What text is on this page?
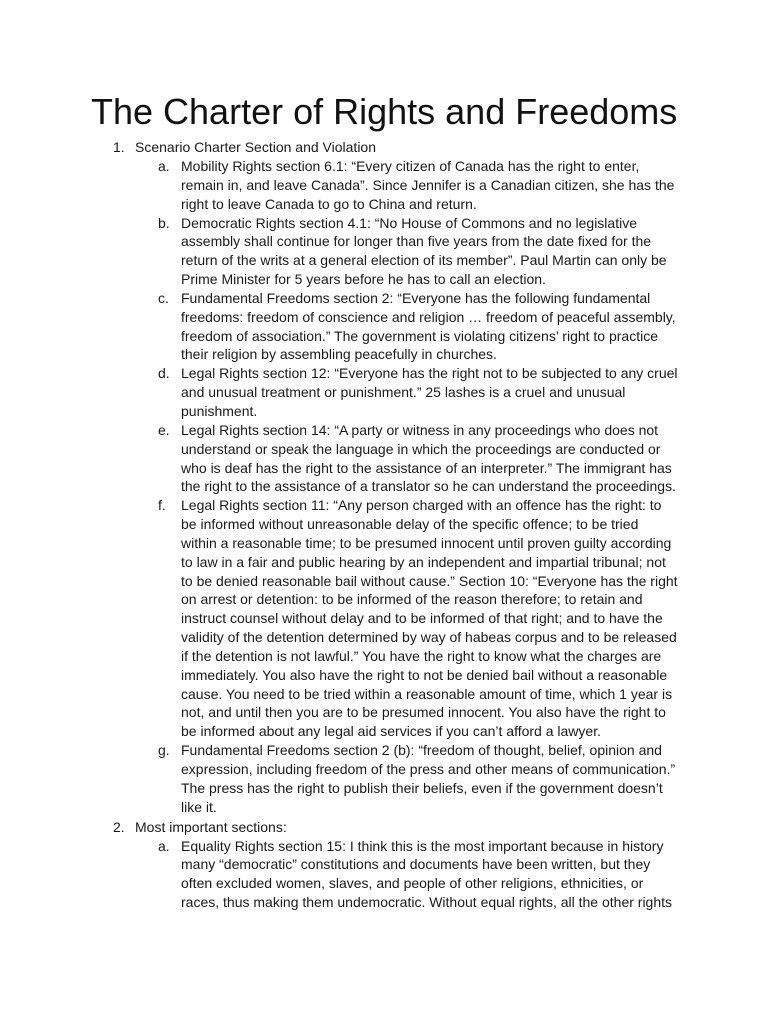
The Charter of Rights and Freedoms
1. Scenario Charter Section and Violation
a. Mobility Rights section 6.1: “Every citizen of Canada has the right to enter, remain in, and leave Canada”. Since Jennifer is a Canadian citizen, she has the right to leave Canada to go to China and return.
b. Democratic Rights section 4.1: “No House of Commons and no legislative assembly shall continue for longer than five years from the date fixed for the return of the writs at a general election of its member”. Paul Martin can only be Prime Minister for 5 years before he has to call an election.
c. Fundamental Freedoms section 2: “Everyone has the following fundamental freedoms: freedom of conscience and religion … freedom of peaceful assembly, freedom of association.” The government is violating citizens’ right to practice their religion by assembling peacefully in churches.
d. Legal Rights section 12: “Everyone has the right not to be subjected to any cruel and unusual treatment or punishment.” 25 lashes is a cruel and unusual punishment.
e. Legal Rights section 14: “A party or witness in any proceedings who does not understand or speak the language in which the proceedings are conducted or who is deaf has the right to the assistance of an interpreter.” The immigrant has the right to the assistance of a translator so he can understand the proceedings.
f. Legal Rights section 11: “Any person charged with an offence has the right: to be informed without unreasonable delay of the specific offence; to be tried within a reasonable time; to be presumed innocent until proven guilty according to law in a fair and public hearing by an independent and impartial tribunal; not to be denied reasonable bail without cause.” Section 10: “Everyone has the right on arrest or detention: to be informed of the reason therefore; to retain and instruct counsel without delay and to be informed of that right; and to have the validity of the detention determined by way of habeas corpus and to be released if the detention is not lawful.” You have the right to know what the charges are immediately. You also have the right to not be denied bail without a reasonable cause. You need to be tried within a reasonable amount of time, which 1 year is not, and until then you are to be presumed innocent. You also have the right to be informed about any legal aid services if you can’t afford a lawyer.
g. Fundamental Freedoms section 2 (b): “freedom of thought, belief, opinion and expression, including freedom of the press and other means of communication.” The press has the right to publish their beliefs, even if the government doesn’t like it.
2. Most important sections:
a. Equality Rights section 15: I think this is the most important because in history many “democratic” constitutions and documents have been written, but they often excluded women, slaves, and people of other religions, ethnicities, or races, thus making them undemocratic. Without equal rights, all the other rights
